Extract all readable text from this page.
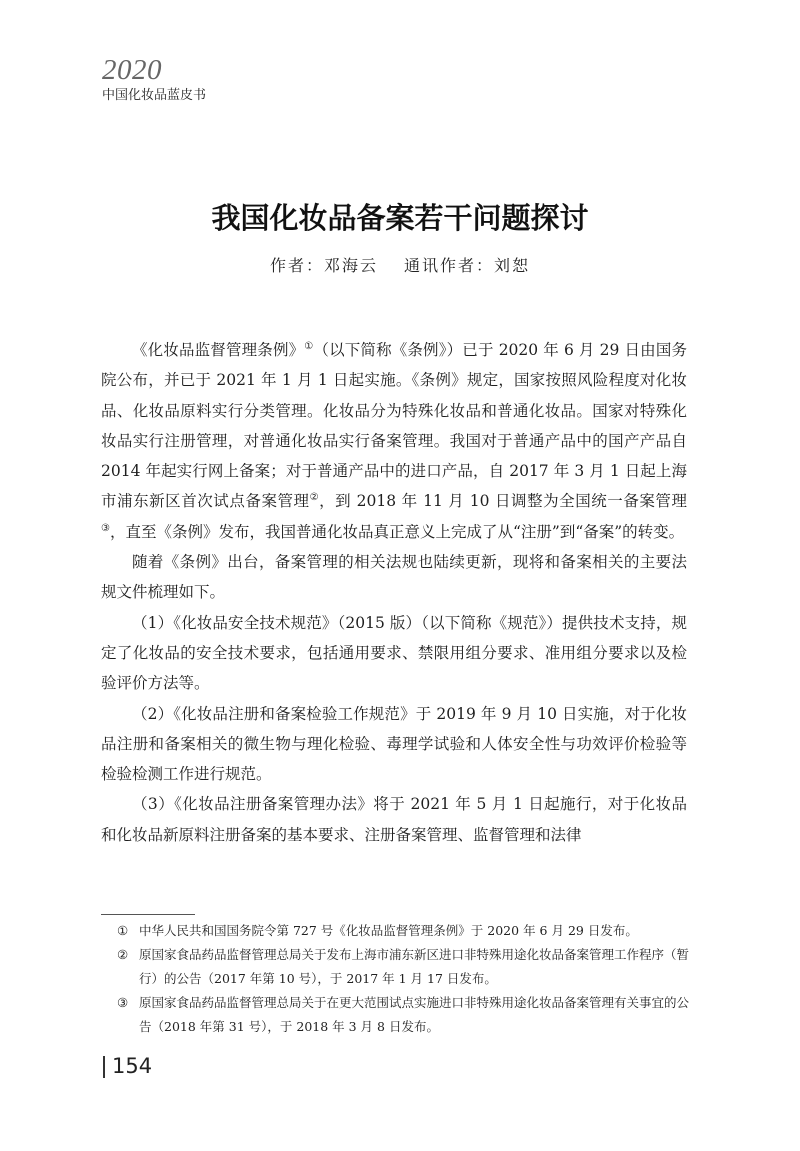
2020
中国化妆品蓝皮书
我国化妆品备案若干问题探讨
作者：邓海云 通讯作者：刘恕

《化妆品监督管理条例》①（以下简称《条例》）已于 2020 年 6 月 29 日由国务院公布，并已于 2021 年 1 月 1 日起实施。《条例》规定，国家按照风险程度对化妆品、化妆品原料实行分类管理。化妆品分为特殊化妆品和普通化妆品。国家对特殊化妆品实行注册管理，对普通化妆品实行备案管理。我国对于普通产品中的国产产品自 2014 年起实行网上备案；对于普通产品中的进口产品，自 2017 年 3 月 1 日起上海市浦东新区首次试点备案管理②，到 2018 年 11 月 10 日调整为全国统一备案管理③，直至《条例》发布，我国普通化妆品真正意义上完成了从“注册”到“备案”的转变。

随着《条例》出台，备案管理的相关法规也陆续更新，现将和备案相关的主要法规文件梳理如下。

（1）《化妆品安全技术规范》（2015 版）（以下简称《规范》）提供技术支持，规定了化妆品的安全技术要求，包括通用要求、禁限用组分要求、准用组分要求以及检验评价方法等。

（2）《化妆品注册和备案检验工作规范》于 2019 年 9 月 10 日实施，对于化妆品注册和备案相关的微生物与理化检验、毒理学试验和人体安全性与功效评价检验等检验检测工作进行规范。

（3）《化妆品注册备案管理办法》将于 2021 年 5 月 1 日起施行，对于化妆品和化妆品新原料注册备案的基本要求、注册备案管理、监督管理和法律

① 中华人民共和国国务院令第 727 号《化妆品监督管理条例》于 2020 年 6 月 29 日发布。

② 原国家食品药品监督管理总局关于发布上海市浦东新区进口非特殊用途化妆品备案管理工作程序（暂行）的公告（2017 年第 10 号），于 2017 年 1 月 17 日发布。

③ 原国家食品药品监督管理总局关于在更大范围试点实施进口非特殊用途化妆品备案管理有关事宜的公告（2018 年第 31 号），于 2018 年 3 月 8 日发布。

154
